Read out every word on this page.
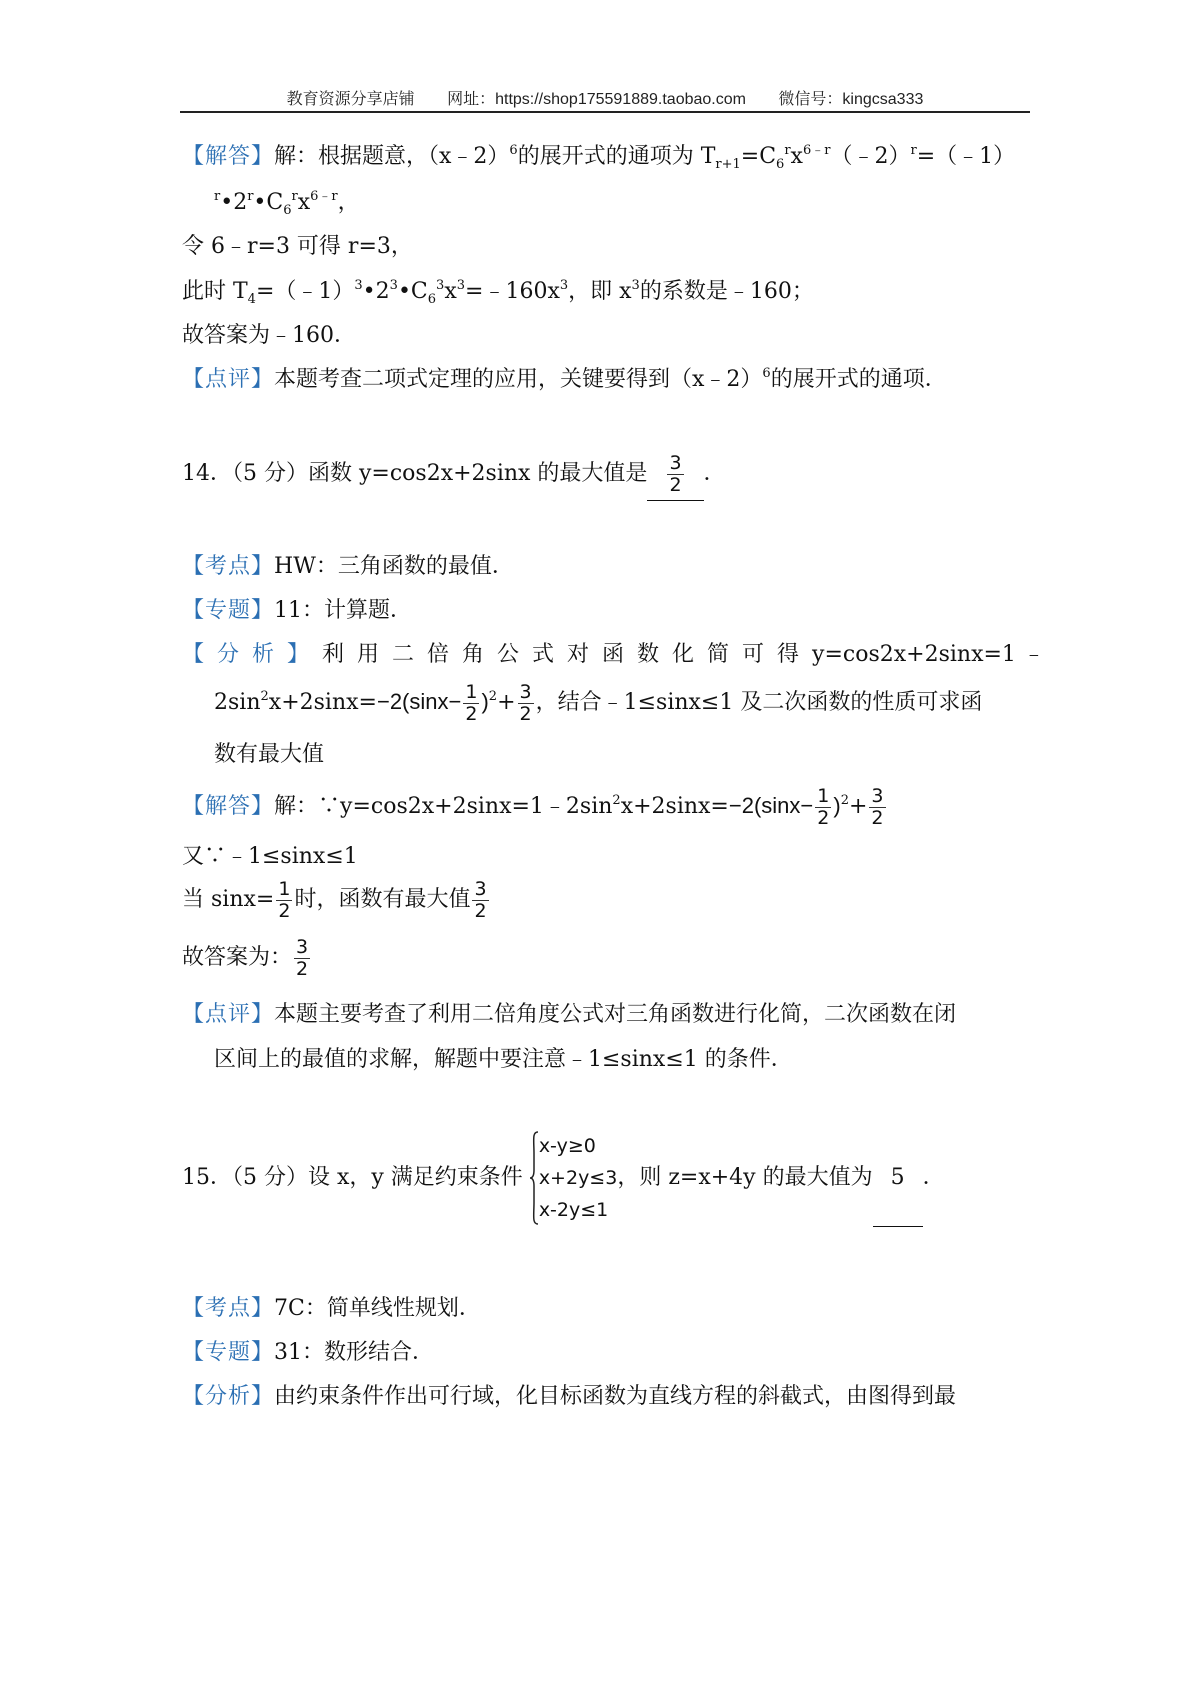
教育资源分享店铺 网址：https://shop175591889.taobao.com 微信号：kingcsa333
【解答】解：根据题意，（x﹣2）$^6$的展开式的通项为 $T_{r+1}=C_6^rx^{6﹣r}(﹣2)^r=(﹣1)$
$^r•2^r•C_6^rx^{6﹣r}$，
令 6﹣r=3 可得 r=3，
此时 $T_4=(﹣1)^3•2^3•C_6^3x^3=﹣160x^3$，即 $x^3$的系数是﹣160；
故答案为﹣160．
【点评】本题考查二项式定理的应用，关键要得到（x﹣2）$^6$的展开式的通项．
14．（5 分）函数 y=cos2x+2sinx 的最大值是 $\frac{3}{2}$ ．
【考点】HW：三角函数的最值．
【专题】11：计算题．
【分析】利用二倍角公式对函数化简可得y=cos2x+2sinx=1 ﹣
$2\sin^2x+2\sin x=-2(\sin x- \frac{1}{2} )^2+ \frac{3}{2}$ ，结合﹣1≤sinx≤1 及二次函数的性质可求函
数有最大值
【解答】解：$\because y=\cos 2x+2\sin x=1﹣2\sin^2x+2\sin x=-2(\sin x- \frac{1}{2} )^2+ \frac{3}{2}$
又∵﹣1≤sinx≤1
当 $\sin x= \frac{1}{2}$ 时，函数有最大值 $\frac{3}{2}$
故答案为： $\frac{3}{2}$
【点评】本题主要考查了利用二倍角度公式对三角函数进行化简，二次函数在闭
区间上的最值的求解，解题中要注意﹣1≤sinx≤1 的条件．
15．（5 分）设 x，y 满足约束条件
x-y≥0
x+2y≤3
x-2y≤1
，则 z=x+4y 的最大值为 5 ．
【考点】7C：简单线性规划．
【专题】31：数形结合．
【分析】由约束条件作出可行域，化目标函数为直线方程的斜截式，由图得到最
